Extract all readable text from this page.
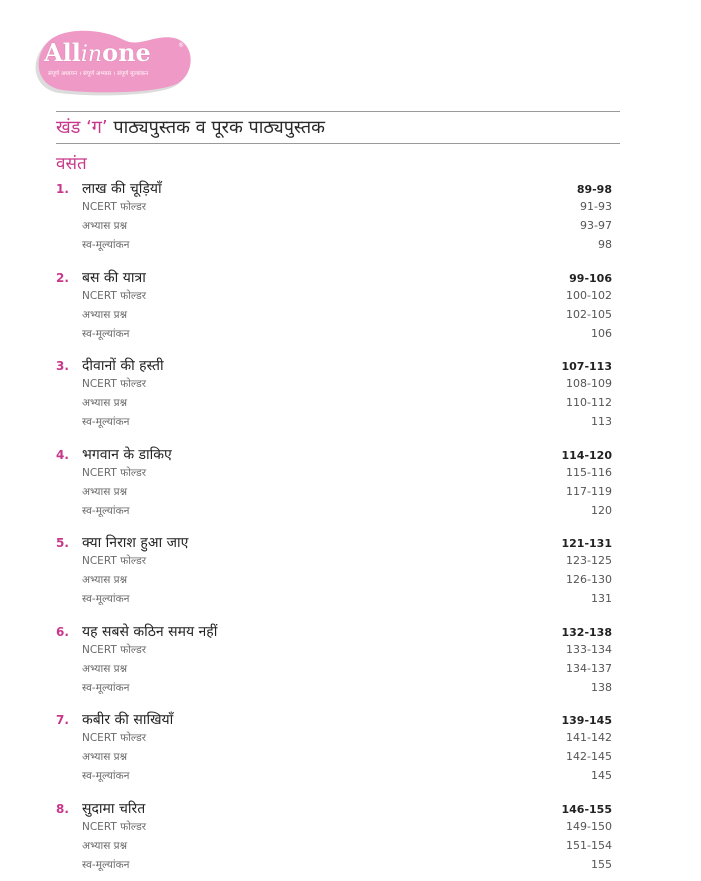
Allinone	®
संपूर्ण अध्ययन । संपूर्ण अभ्यास । संपूर्ण मूल्यांकन
खंड ‘ग’ पाठ्यपुस्तक व पूरक पाठ्यपुस्तक
वसंत
1. लाख की चूड़ियाँ	89-98
NCERT फोल्डर	91-93
अभ्यास प्रश्न	93-97
स्व-मूल्यांकन	98
2. बस की यात्रा	99-106
NCERT फोल्डर	100-102
अभ्यास प्रश्न	102-105
स्व-मूल्यांकन	106
3. दीवानों की हस्ती	107-113
NCERT फोल्डर	108-109
अभ्यास प्रश्न	110-112
स्व-मूल्यांकन	113
4. भगवान के डाकिए	114-120
NCERT फोल्डर	115-116
अभ्यास प्रश्न	117-119
स्व-मूल्यांकन	120
5. क्या निराश हुआ जाए	121-131
NCERT फोल्डर	123-125
अभ्यास प्रश्न	126-130
स्व-मूल्यांकन	131
6. यह सबसे कठिन समय नहीं	132-138
NCERT फोल्डर	133-134
अभ्यास प्रश्न	134-137
स्व-मूल्यांकन	138
7. कबीर की साखियाँ	139-145
NCERT फोल्डर	141-142
अभ्यास प्रश्न	142-145
स्व-मूल्यांकन	145
8. सुदामा चरित	146-155
NCERT फोल्डर	149-150
अभ्यास प्रश्न	151-154
स्व-मूल्यांकन	155
